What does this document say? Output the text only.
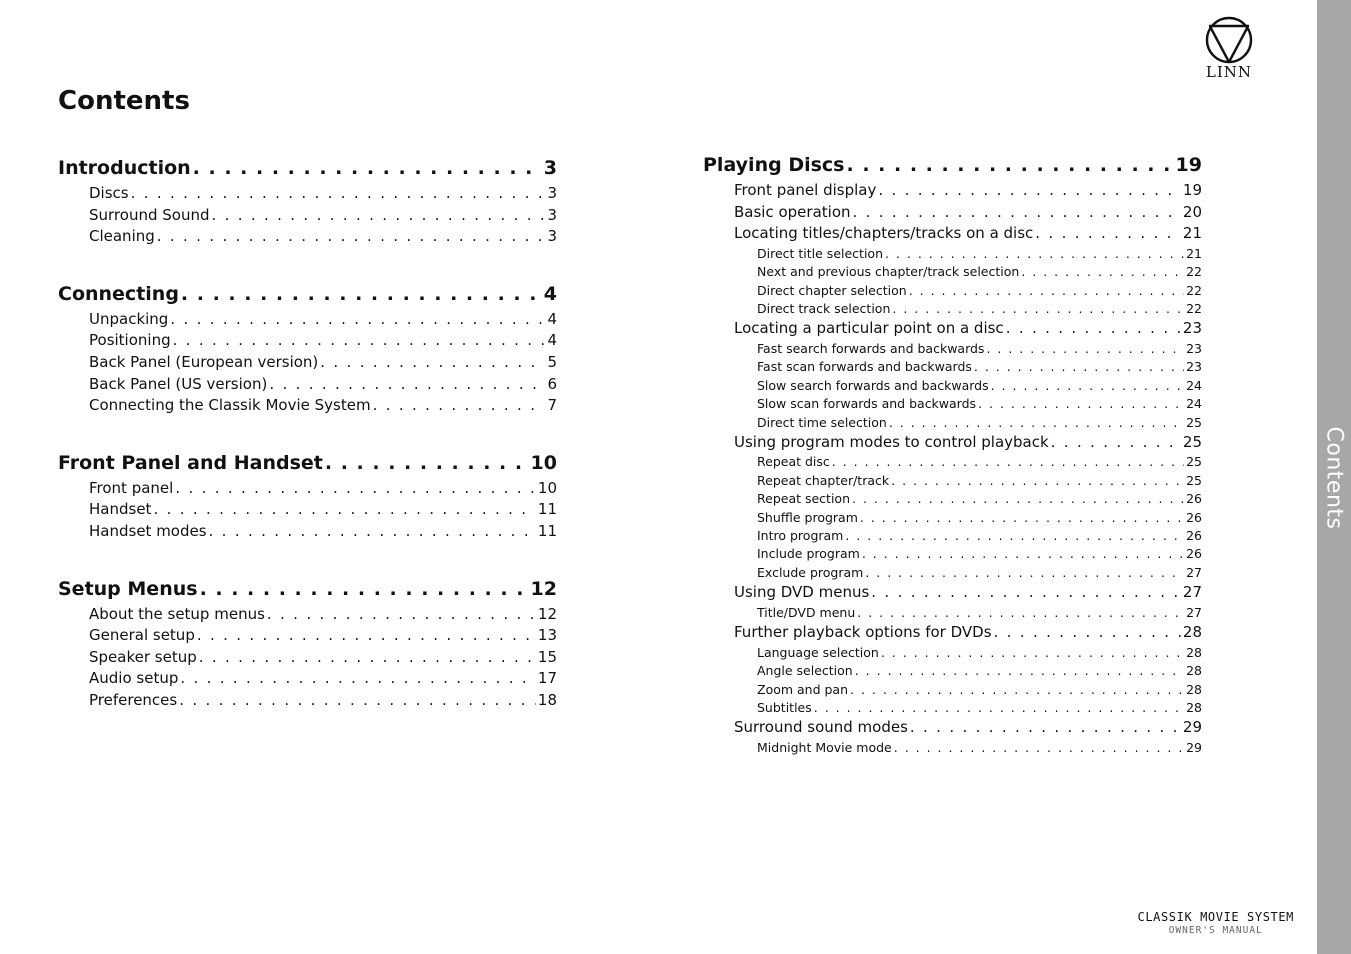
Contents
LINN
Contents
Introduction . . .	3
Discs . . .	3
Surround Sound . . .	3
Cleaning . . .	3
Connecting . . .	4
Unpacking . . .	4
Positioning . . .	4
Back Panel (European version) . . .	5
Back Panel (US version) . . .	6
Connecting the Classik Movie System . . .	7
Front Panel and Handset . . .	10
Front panel . . .	10
Handset . . .	11
Handset modes . . .	11
Setup Menus . . .	12
About the setup menus . . .	12
General setup . . .	13
Speaker setup . . .	15
Audio setup . . .	17
Preferences . . .	18
Playing Discs . . .	19
Front panel display . . .	19
Basic operation . . .	20
Locating titles/chapters/tracks on a disc . . .	21
Direct title selection . . .	21
Next and previous chapter/track selection . . .	22
Direct chapter selection . . .	22
Direct track selection . . .	22
Locating a particular point on a disc . . .	23
Fast search forwards and backwards . . .	23
Fast scan forwards and backwards . . .	23
Slow search forwards and backwards . . .	24
Slow scan forwards and backwards . . .	24
Direct time selection . . .	25
Using program modes to control playback . . .	25
Repeat disc . . .	25
Repeat chapter/track . . .	25
Repeat section . . .	26
Shuffle program . . .	26
Intro program . . .	26
Include program . . .	26
Exclude program . . .	27
Using DVD menus . . .	27
Title/DVD menu . . .	27
Further playback options for DVDs . . .	28
Language selection . . .	28
Angle selection . . .	28
Zoom and pan . . .	28
Subtitles . . .	28
Surround sound modes . . .	29
Midnight Movie mode . . .	29
CLASSIK MOVIE SYSTEM
OWNER'S MANUAL
